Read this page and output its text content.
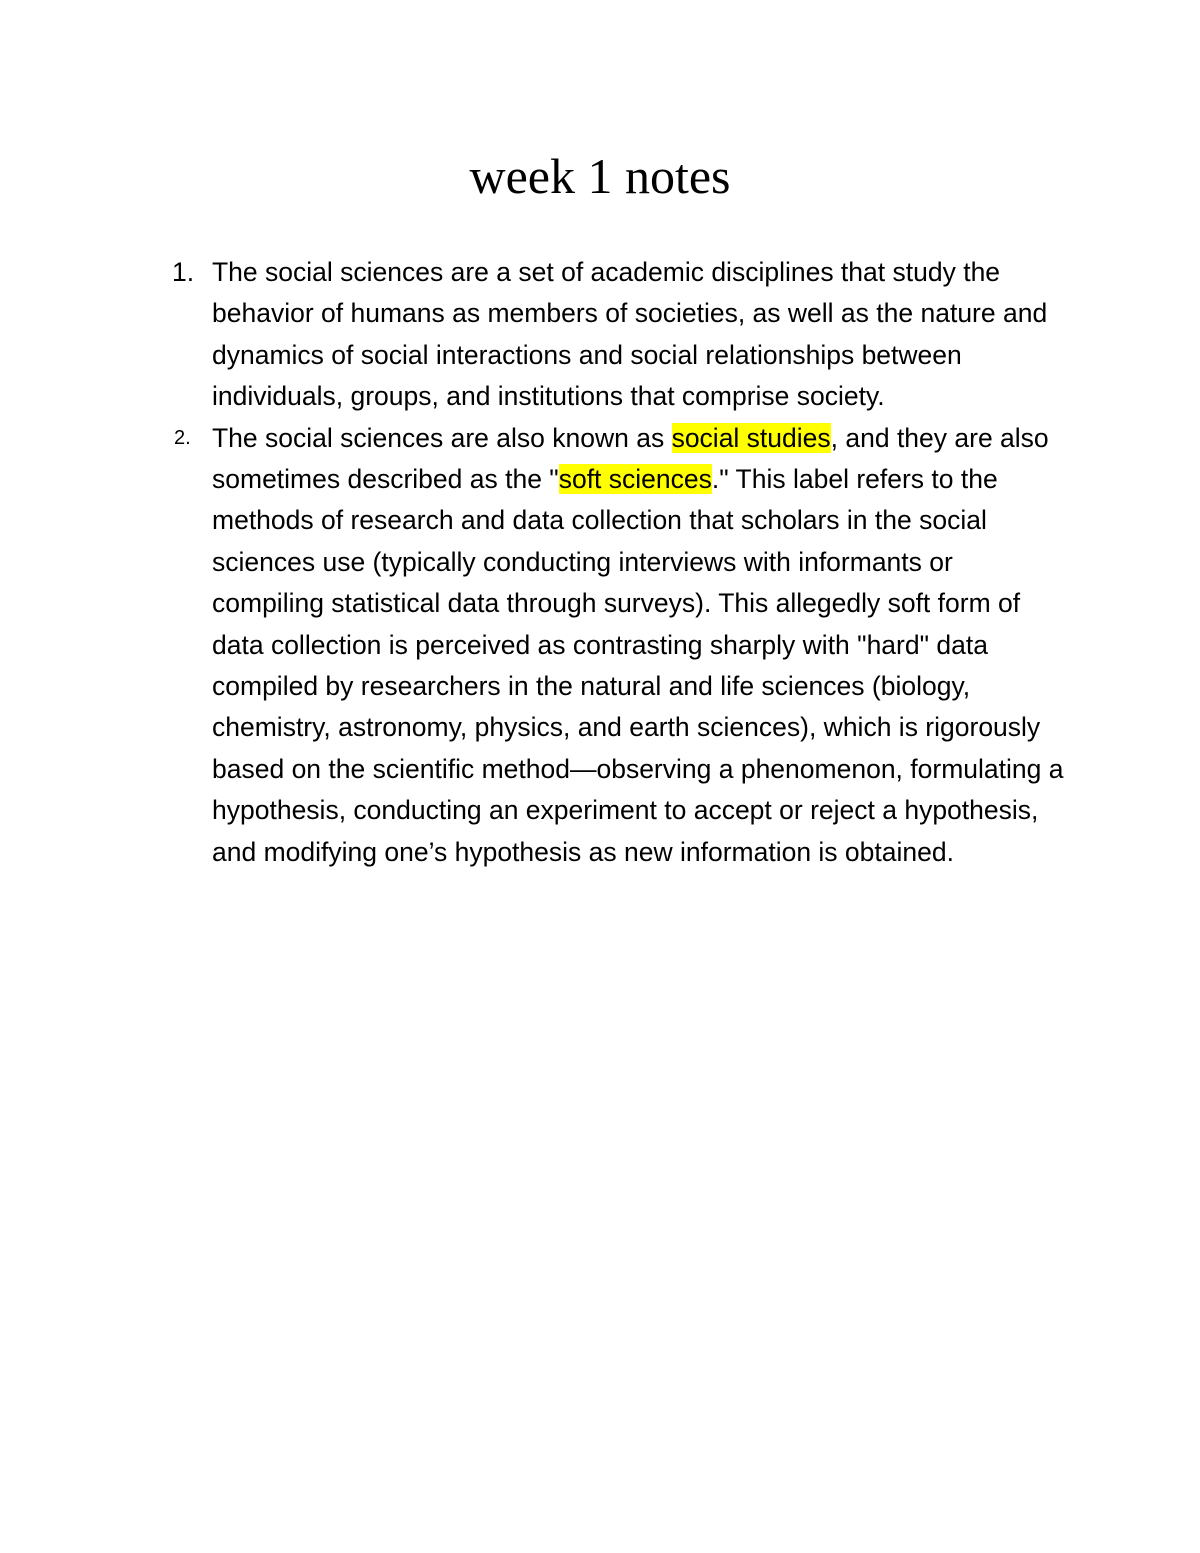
week 1 notes
1. The social sciences are a set of academic disciplines that study the behavior of humans as members of societies, as well as the nature and dynamics of social interactions and social relationships between individuals, groups, and institutions that comprise society.
2. The social sciences are also known as social studies, and they are also sometimes described as the "soft sciences." This label refers to the methods of research and data collection that scholars in the social sciences use (typically conducting interviews with informants or compiling statistical data through surveys). This allegedly soft form of data collection is perceived as contrasting sharply with "hard" data compiled by researchers in the natural and life sciences (biology, chemistry, astronomy, physics, and earth sciences), which is rigorously based on the scientific method—observing a phenomenon, formulating a hypothesis, conducting an experiment to accept or reject a hypothesis, and modifying one’s hypothesis as new information is obtained.
